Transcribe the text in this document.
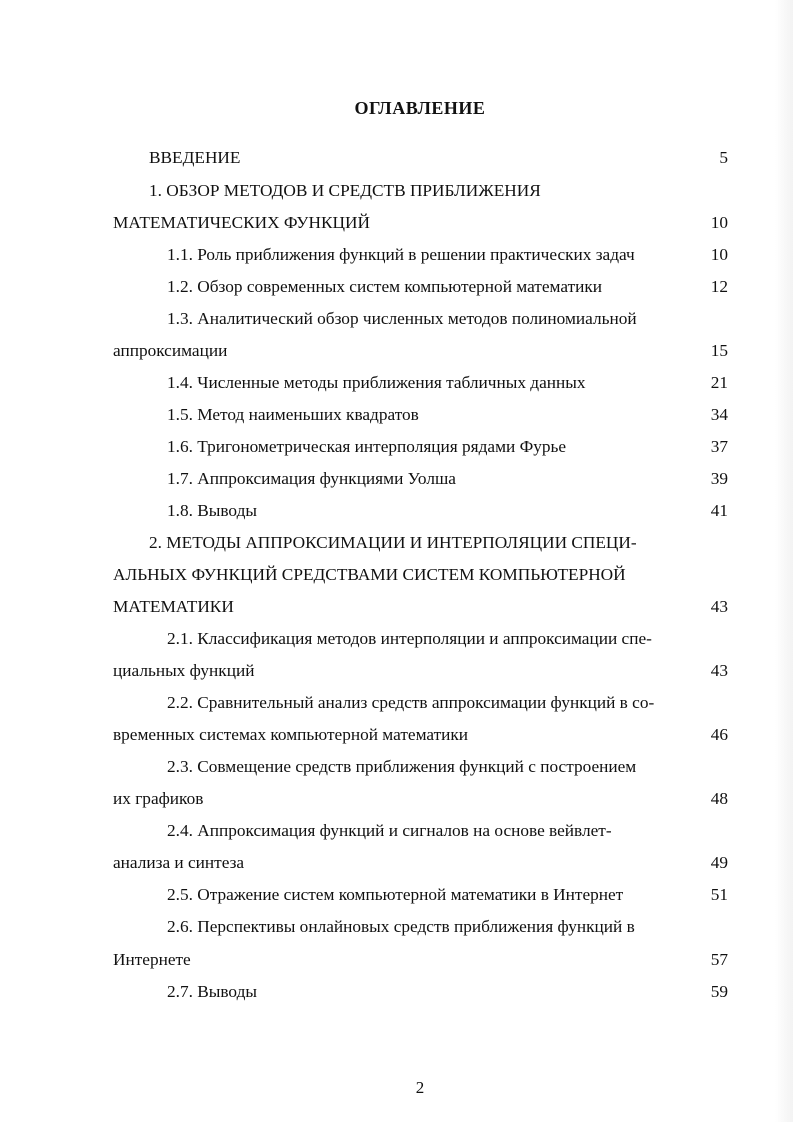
ОГЛАВЛЕНИЕ
ВВЕДЕНИЕ	5
1. ОБЗОР МЕТОДОВ И СРЕДСТВ ПРИБЛИЖЕНИЯ
МАТЕМАТИЧЕСКИХ ФУНКЦИЙ	10
1.1. Роль приближения функций в решении практических задач	10
1.2. Обзор современных систем компьютерной математики	12
1.3. Аналитический обзор численных методов полиномиальной
аппроксимации	15
1.4. Численные методы приближения табличных данных	21
1.5. Метод наименьших квадратов	34
1.6. Тригонометрическая интерполяция рядами Фурье	37
1.7. Аппроксимация функциями Уолша	39
1.8. Выводы	41
2. МЕТОДЫ АППРОКСИМАЦИИ И ИНТЕРПОЛЯЦИИ СПЕЦИ-
АЛЬНЫХ ФУНКЦИЙ СРЕДСТВАМИ СИСТЕМ КОМПЬЮТЕРНОЙ
МАТЕМАТИКИ	43
2.1. Классификация методов интерполяции и аппроксимации спе-
циальных функций	43
2.2. Сравнительный анализ средств аппроксимации функций в со-
временных системах компьютерной математики	46
2.3. Совмещение средств приближения функций с построением
их графиков	48
2.4. Аппроксимация функций и сигналов на основе вейвлет-
анализа и синтеза	49
2.5. Отражение систем компьютерной математики в Интернет	51
2.6. Перспективы онлайновых средств приближения функций в
Интернете	57
2.7. Выводы	59
2
